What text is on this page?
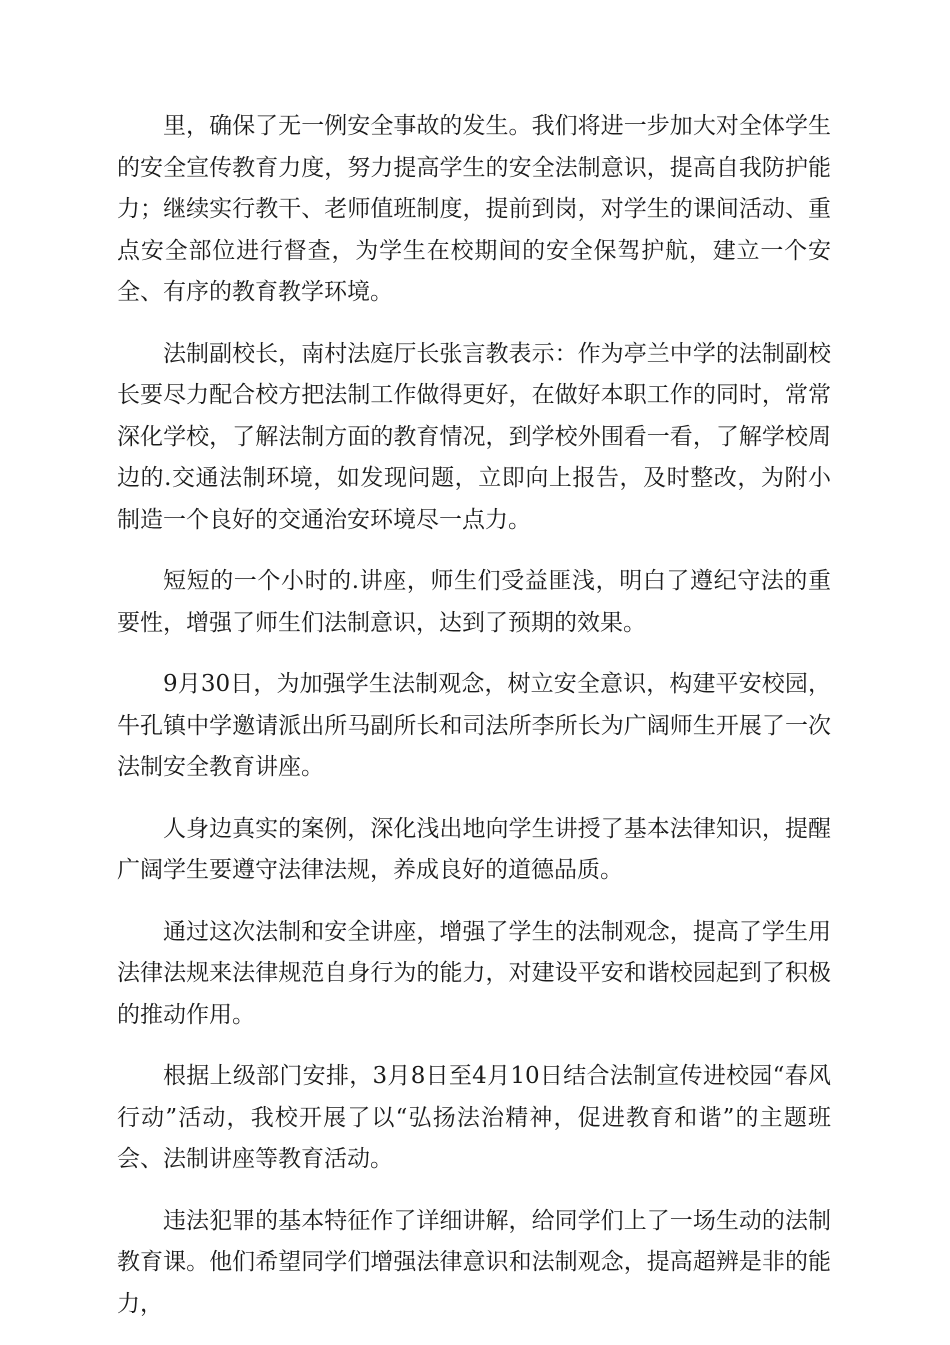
里，确保了无一例安全事故的发生。我们将进一步加大对全体学生的安全宣传教育力度，努力提高学生的安全法制意识，提高自我防护能力；继续实行教干、老师值班制度，提前到岗，对学生的课间活动、重点安全部位进行督查，为学生在校期间的安全保驾护航，建立一个安全、有序的教育教学环境。

法制副校长，南村法庭厅长张言教表示：作为亭兰中学的法制副校长要尽力配合校方把法制工作做得更好，在做好本职工作的同时，常常深化学校，了解法制方面的教育情况，到学校外围看一看，了解学校周边的.交通法制环境，如发现问题，立即向上报告，及时整改，为附小制造一个良好的交通治安环境尽一点力。

短短的一个小时的.讲座，师生们受益匪浅，明白了遵纪守法的重要性，增强了师生们法制意识，达到了预期的效果。

9月30日，为加强学生法制观念，树立安全意识，构建平安校园，牛孔镇中学邀请派出所马副所长和司法所李所长为广阔师生开展了一次法制安全教育讲座。

人身边真实的案例，深化浅出地向学生讲授了基本法律知识，提醒广阔学生要遵守法律法规，养成良好的道德品质。

通过这次法制和安全讲座，增强了学生的法制观念，提高了学生用法律法规来法律规范自身行为的能力，对建设平安和谐校园起到了积极的推动作用。

根据上级部门安排，3月8日至4月10日结合法制宣传进校园“春风行动”活动，我校开展了以“弘扬法治精神，促进教育和谐”的主题班会、法制讲座等教育活动。

违法犯罪的基本特征作了详细讲解，给同学们上了一场生动的法制教育课。他们希望同学们增强法律意识和法制观念，提高超辨是非的能力，
